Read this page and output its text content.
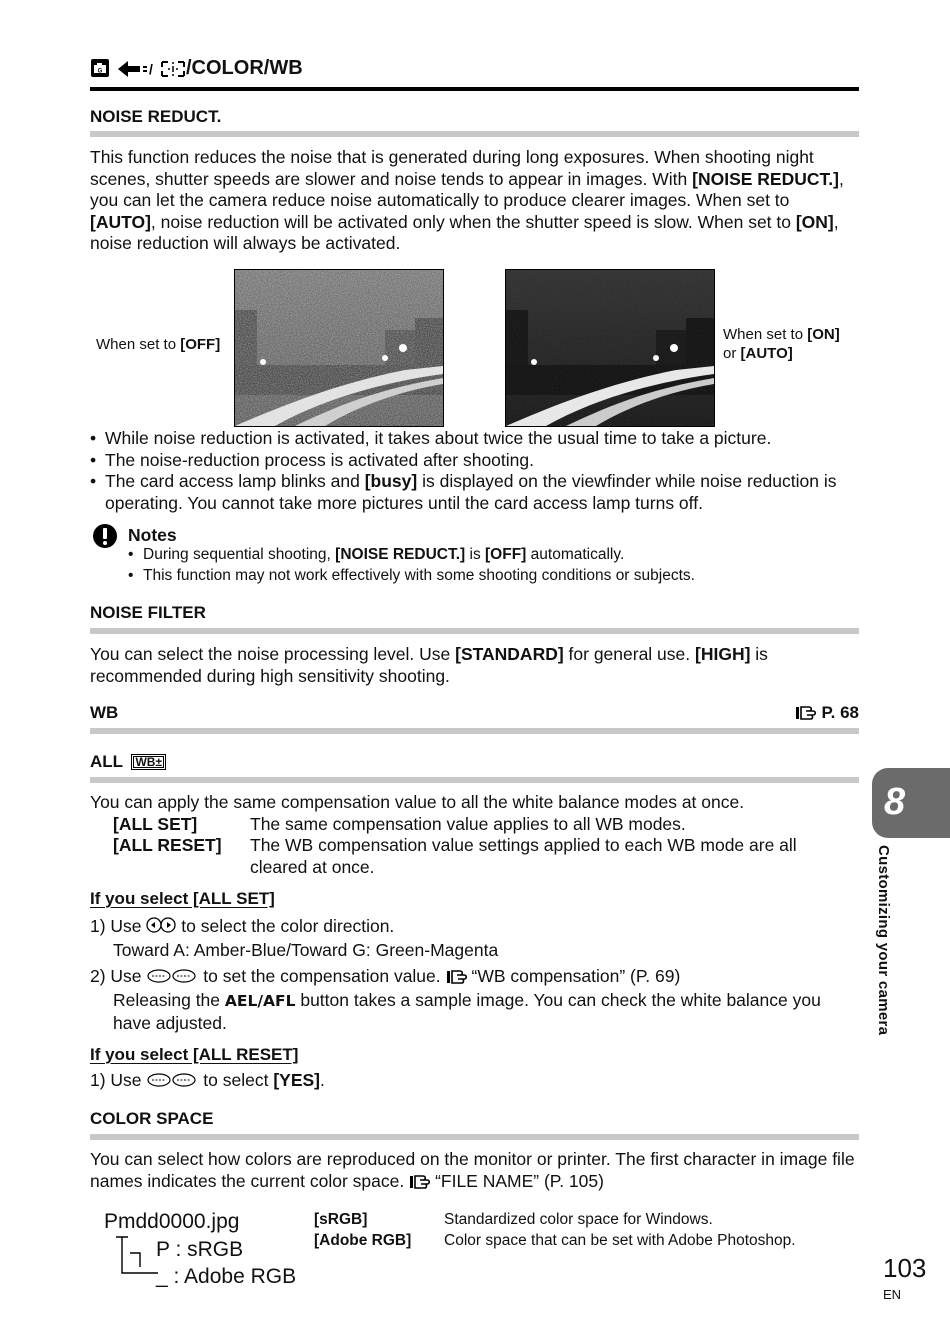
G	/ /COLOR/WB
NOISE REDUCT.
This function reduces the noise that is generated during long exposures. When shooting night scenes, shutter speeds are slower and noise tends to appear in images. With [NOISE REDUCT.], you can let the camera reduce noise automatically to produce clearer images. When set to [AUTO], noise reduction will be activated only when the shutter speed is slow. When set to [ON], noise reduction will always be activated.
When set to [OFF]
When set to [ON]
or [AUTO]
• While noise reduction is activated, it takes about twice the usual time to take a picture.
• The noise-reduction process is activated after shooting.
• The card access lamp blinks and [busy] is displayed on the viewfinder while noise reduction is operating. You cannot take more pictures until the card access lamp turns off.
Notes
• During sequential shooting, [NOISE REDUCT.] is [OFF] automatically.
• This function may not work effectively with some shooting conditions or subjects.
NOISE FILTER
You can select the noise processing level. Use [STANDARD] for general use. [HIGH] is recommended during high sensitivity shooting.
WB	P. 68
ALL WB±
You can apply the same compensation value to all the white balance modes at once.
[ALL SET]	The same compensation value applies to all WB modes.
[ALL RESET]	The WB compensation value settings applied to each WB mode are all cleared at once.
If you select [ALL SET]
1) Use  to select the color direction.
Toward A: Amber-Blue/Toward G: Green-Magenta
2) Use	to set the compensation value. “WB compensation” (P. 69)
Releasing the AEL/AFL button takes a sample image. You can check the white balance you have adjusted.
If you select [ALL RESET]
1) Use	to select [YES].
COLOR SPACE
You can select how colors are reproduced on the monitor or printer. The first character in image file names indicates the current color space. “FILE NAME” (P. 105)
Pmdd0000.jpg
P : sRGB
_ : Adobe RGB
[sRGB]	Standardized color space for Windows.
[Adobe RGB] Color space that can be set with Adobe Photoshop.
8
Customizing your camera
103
EN
